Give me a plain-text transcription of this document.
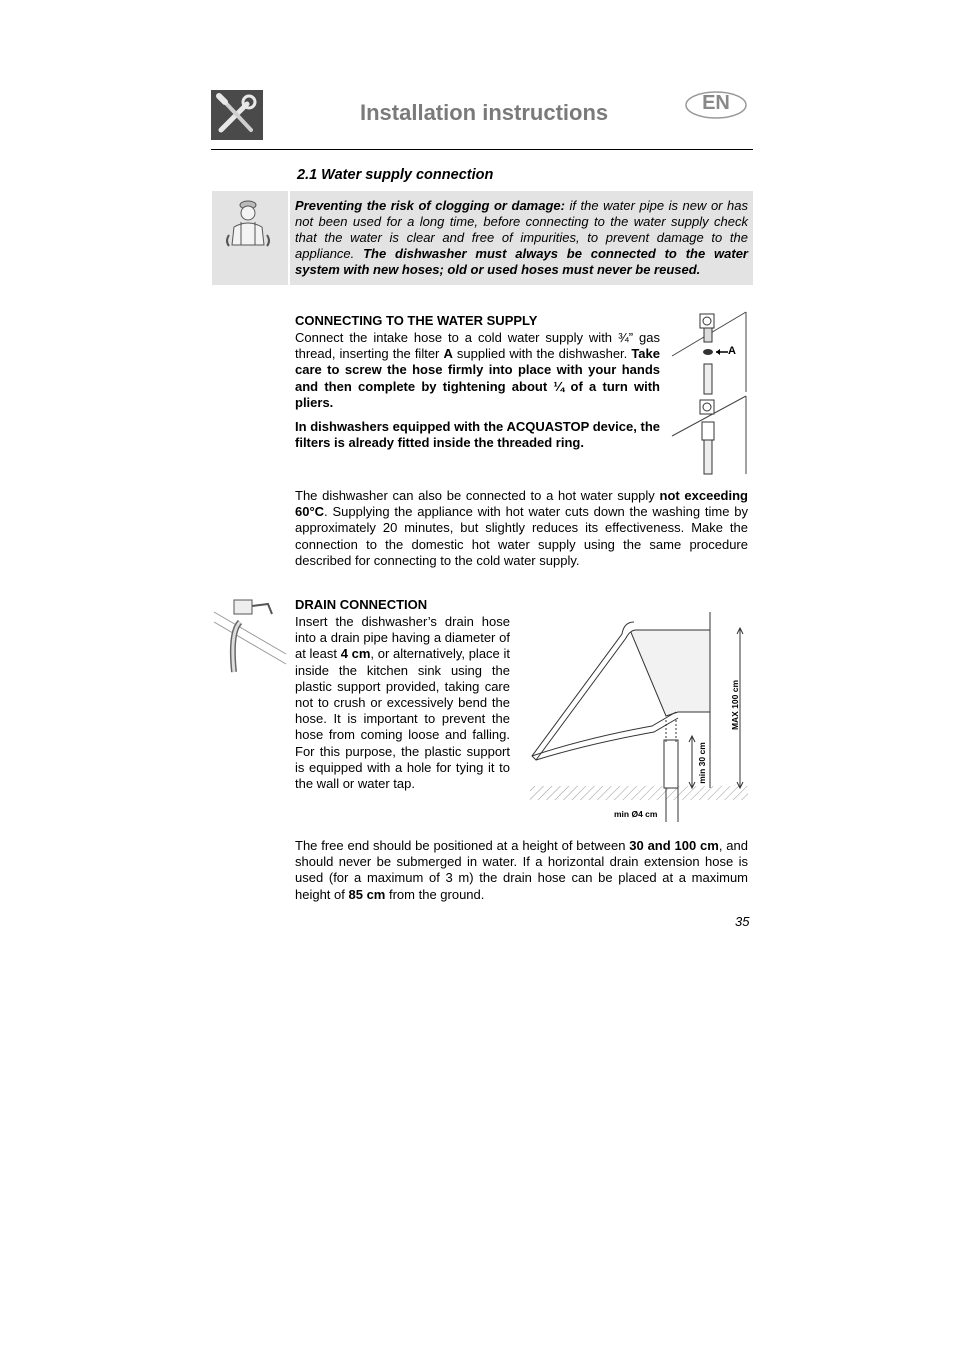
Installation instructions	EN
2.1 Water supply connection
Preventing the risk of clogging or damage: if the water pipe is new or has not been used for a long time, before connecting to the water supply check that the water is clear and free of impurities, to prevent damage to the appliance. The dishwasher must always be connected to the water system with new hoses; old or used hoses must never be reused.
CONNECTING TO THE WATER SUPPLY
Connect the intake hose to a cold water supply with ¾” gas thread, inserting the filter A supplied with the dishwasher. Take care to screw the hose firmly into place with your hands and then complete by tightening about ¼ of a turn with pliers.
In dishwashers equipped with the ACQUASTOP device, the filters is already fitted inside the threaded ring.
A
The dishwasher can also be connected to a hot water supply not exceeding 60°C. Supplying the appliance with hot water cuts down the washing time by approximately 20 minutes, but slightly reduces its effectiveness. Make the connection to the domestic hot water supply using the same procedure described for connecting to the cold water supply.
DRAIN CONNECTION
Insert the dishwasher’s drain hose into a drain pipe having a diameter of at least 4 cm, or alternatively, place it inside the kitchen sink using the plastic support provided, taking care not to crush or excessively bend the hose. It is important to prevent the hose from coming loose and falling. For this purpose, the plastic support is equipped with a hole for tying it to the wall or water tap.
MAX 100 cm
min 30 cm
min Ø4 cm
The free end should be positioned at a height of between 30 and 100 cm, and should never be submerged in water. If a horizontal drain extension hose is used (for a maximum of 3 m) the drain hose can be placed at a maximum height of 85 cm from the ground.
35
